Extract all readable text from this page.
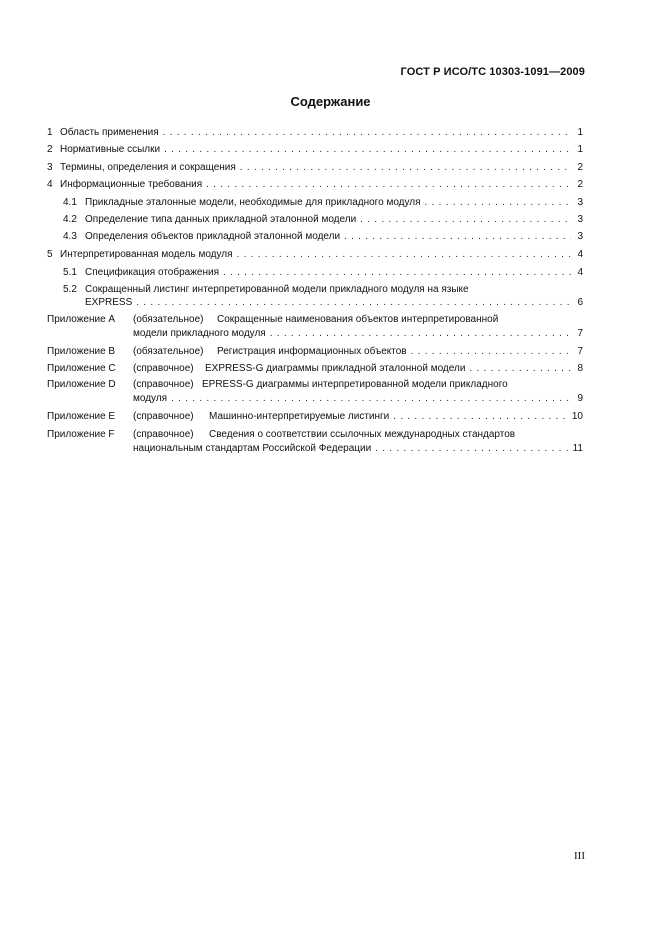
ГОСТ Р ИСО/ТС 10303-1091—2009
Содержание
1 Область применения . . .	1
2 Нормативные ссылки . . .	1
3 Термины, определения и сокращения . . .	2
4 Информационные требования . . .	2
4.1 Прикладные эталонные модели, необходимые для прикладного модуля . . .	3
4.2 Определение типа данных прикладной эталонной модели . . .	3
4.3 Определения объектов прикладной эталонной модели . . .	3
5 Интерпретированная модель модуля . . .	4
5.1 Спецификация отображения . . .	4
5.2 Сокращенный листинг интерпретированной модели прикладного модуля на языке
EXPRESS . . .	6
Приложение А (обязательное) Сокращенные наименования объектов интерпретированной
модели прикладного модуля . . .	7
Приложение В (обязательное)	Регистрация информационных объектов . . .	7
Приложение С (справочное)	EXPRESS-G диаграммы прикладной эталонной модели . . .	8
Приложение D (справочное) EPRESS-G диаграммы интерпретированной модели прикладного
модуля . . .	9
Приложение Е (справочное)	Машинно-интерпретируемые листинги . . .	10
Приложение F (справочное) Сведения о соответствии ссылочных международных стандартов
национальным стандартам Российской Федерации . . .	11
III
